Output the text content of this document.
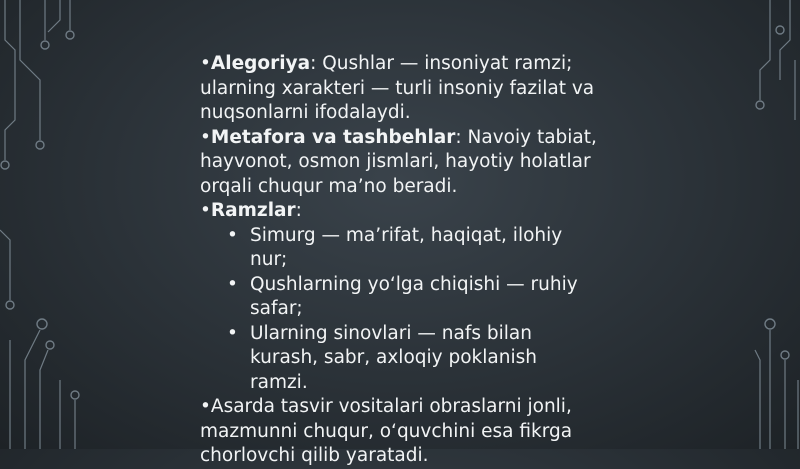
•Alegoriya: Qushlar — insoniyat ramzi; ularning xarakteri — turli insoniy fazilat va nuqsonlarni ifodalaydi.

•Metafora va tashbehlar: Navoiy tabiat, hayvonot, osmon jismlari, hayotiy holatlar orqali chuqur ma’no beradi.

•Ramzlar:

• Simurg — ma’rifat, haqiqat, ilohiy nur;
• Qushlarning yo‘lga chiqishi — ruhiy safar;
• Ularning sinovlari — nafs bilan kurash, sabr, axloqiy poklanish ramzi.

•Asarda tasvir vositalari obraslarni jonli, mazmunni chuqur, o‘quvchini esa fikrga chorlovchi qilib yaratadi.
